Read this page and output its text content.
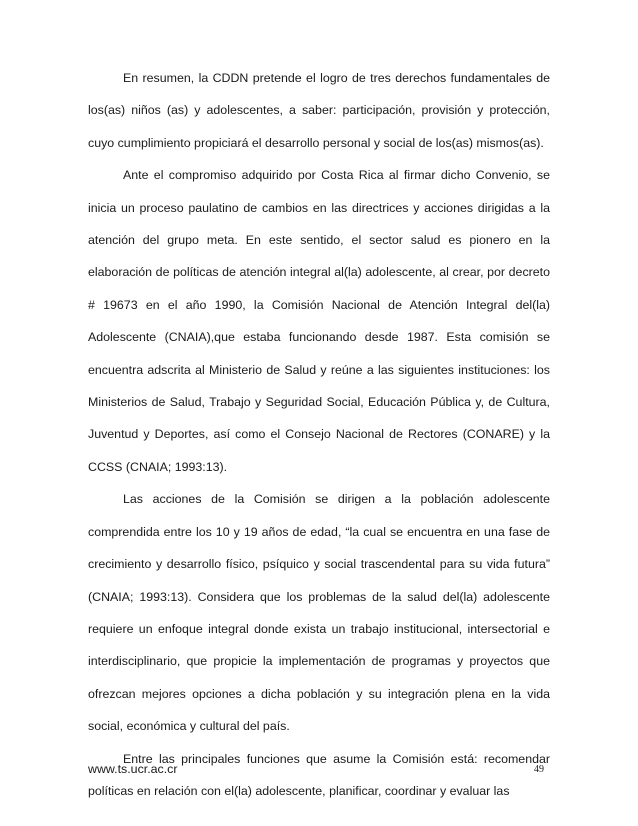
En resumen, la CDDN pretende el logro de tres derechos fundamentales de los(as) niños (as) y adolescentes, a saber: participación, provisión y protección, cuyo cumplimiento propiciará el desarrollo personal y social de los(as) mismos(as).

Ante el compromiso adquirido por Costa Rica al firmar dicho Convenio, se inicia un proceso paulatino de cambios en las directrices y acciones dirigidas a la atención del grupo meta. En este sentido, el sector salud es pionero en la elaboración de políticas de atención integral al(la) adolescente, al crear, por decreto # 19673 en el año 1990, la Comisión Nacional de Atención Integral del(la) Adolescente (CNAIA),que estaba funcionando desde 1987. Esta comisión se encuentra adscrita al Ministerio de Salud y reúne a las siguientes instituciones: los Ministerios de Salud, Trabajo y Seguridad Social, Educación Pública y, de Cultura, Juventud y Deportes, así como el Consejo Nacional de Rectores (CONARE) y la CCSS (CNAIA; 1993:13).

Las acciones de la Comisión se dirigen a la población adolescente comprendida entre los 10 y 19 años de edad, “la cual se encuentra en una fase de crecimiento y desarrollo físico, psíquico y social trascendental para su vida futura” (CNAIA; 1993:13). Considera que los problemas de la salud del(la) adolescente requiere un enfoque integral donde exista un trabajo institucional, intersectorial e interdisciplinario, que propicie la implementación de programas y proyectos que ofrezcan mejores opciones a dicha población y su integración plena en la vida social, económica y cultural del país.

Entre las principales funciones que asume la Comisión está: recomendar políticas en relación con el(la) adolescente, planificar, coordinar y evaluar las

www.ts.ucr.ac.cr	49
